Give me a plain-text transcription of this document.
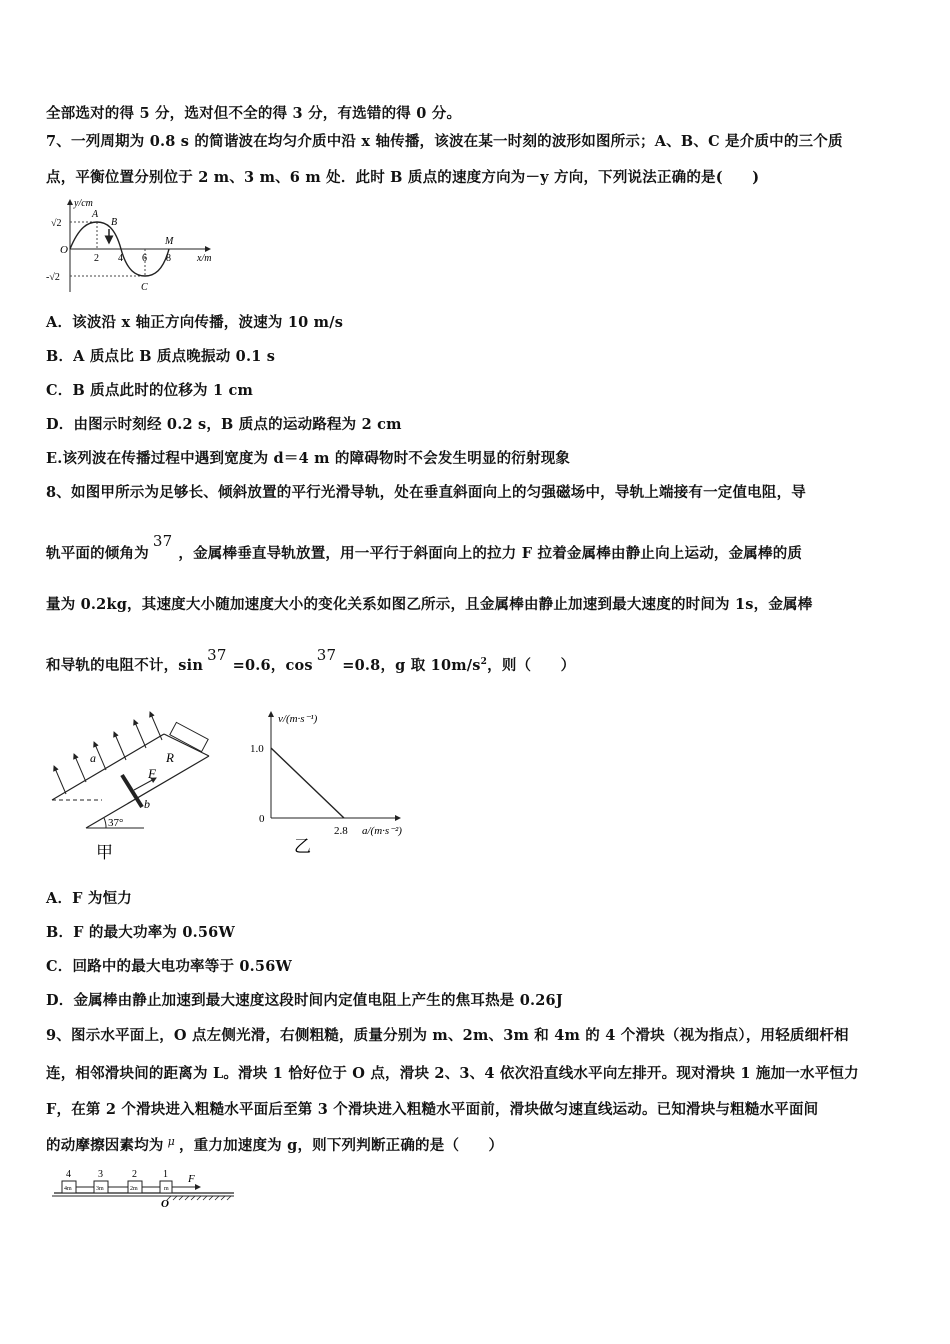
全部选对的得 5 分，选对但不全的得 3 分，有选错的得 0 分。
7、一列周期为 0.8 s 的简谐波在均匀介质中沿 x 轴传播，该波在某一时刻的波形如图所示；A、B、C 是介质中的三个质
点，平衡位置分别位于 2 m、3 m、6 m 处．此时 B 质点的速度方向为－y 方向，下列说法正确的是(　　)
y/cm
x/m
√2
-√2
O
2 4 6 8
A
B
C
M
A．该波沿 x 轴正方向传播，波速为 10 m/s
B．A 质点比 B 质点晚振动 0.1 s
C．B 质点此时的位移为 1 cm
D．由图示时刻经 0.2 s，B 质点的运动路程为 2 cm
E.该列波在传播过程中遇到宽度为 d＝4 m 的障碍物时不会发生明显的衍射现象
8、如图甲所示为足够长、倾斜放置的平行光滑导轨，处在垂直斜面向上的匀强磁场中，导轨上端接有一定值电阻，导
轨平面的倾角为37，金属棒垂直导轨放置，用一平行于斜面向上的拉力 F 拉着金属棒由静止向上运动，金属棒的质
量为 0.2kg，其速度大小随加速度大小的变化关系如图乙所示，且金属棒由静止加速到最大速度的时间为 1s，金属棒
和导轨的电阻不计，sin37=0.6，cos37=0.8，g 取 $10m/s^2$，则（　　）
a
b
F
R
37°
甲
v/(m·s⁻¹)
a/(m·s⁻²)
1.0
0
2.8
乙
A．F 为恒力
B．F 的最大功率为 0.56W
C．回路中的最大电功率等于 0.56W
D．金属棒由静止加速到最大速度这段时间内定值电阻上产生的焦耳热是 0.26J
9、图示水平面上，O 点左侧光滑，右侧粗糙，质量分别为 m、2m、3m 和 4m 的 4 个滑块（视为指点），用轻质细杆相
连，相邻滑块间的距离为 L。滑块 1 恰好位于 O 点，滑块 2、3、4 依次沿直线水平向左排开。现对滑块 1 施加一水平恒力
F，在第 2 个滑块进入粗糙水平面后至第 3 个滑块进入粗糙水平面前，滑块做匀速直线运动。已知滑块与粗糙水平面间
的动摩擦因素均为 $^\mu$ ，重力加速度为 g，则下列判断正确的是（　　）
4m	3m	2m	m
4	3	2	1 F
O
